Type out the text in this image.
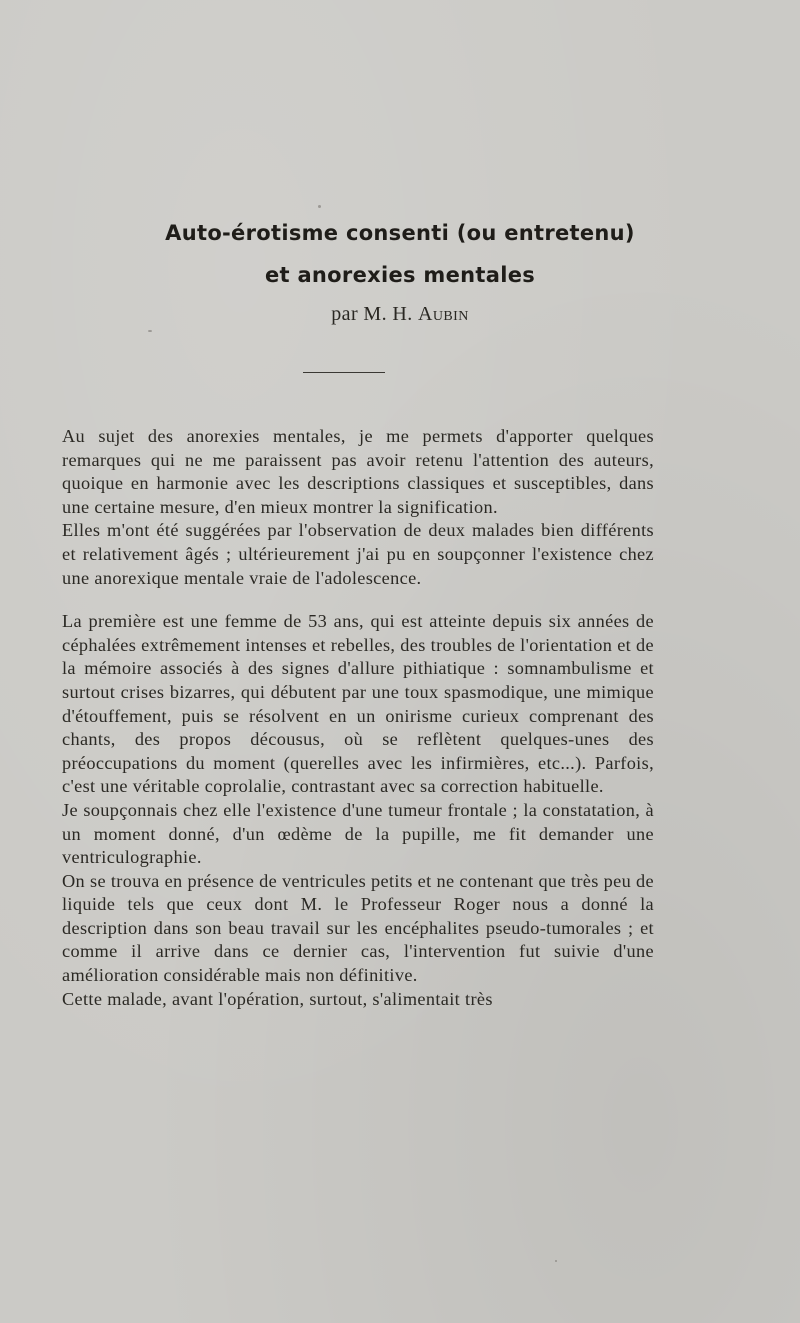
Auto-érotisme consenti (ou entretenu)

et anorexies mentales

par M. H. Aubin

Au sujet des anorexies mentales, je me permets d'apporter quelques remarques qui ne me paraissent pas avoir retenu l'attention des auteurs, quoique en harmonie avec les descriptions classiques et susceptibles, dans une certaine mesure, d'en mieux montrer la signification.

Elles m'ont été suggérées par l'observation de deux malades bien différents et relativement âgés ; ultérieurement j'ai pu en soupçonner l'existence chez une anorexique mentale vraie de l'adolescence.

La première est une femme de 53 ans, qui est atteinte depuis six années de céphalées extrêmement intenses et rebelles, des troubles de l'orientation et de la mémoire associés à des signes d'allure pithiatique : somnambulisme et surtout crises bizarres, qui débutent par une toux spasmodique, une mimique d'étouffement, puis se résolvent en un onirisme curieux comprenant des chants, des propos décousus, où se reflètent quelques-unes des préoccupations du moment (querelles avec les infirmières, etc...). Parfois, c'est une véritable coprolalie, contrastant avec sa correction habituelle.

Je soupçonnais chez elle l'existence d'une tumeur frontale ; la constatation, à un moment donné, d'un œdème de la pupille, me fit demander une ventriculographie.

On se trouva en présence de ventricules petits et ne contenant que très peu de liquide tels que ceux dont M. le Professeur Roger nous a donné la description dans son beau travail sur les encéphalites pseudo-tumorales ; et comme il arrive dans ce dernier cas, l'intervention fut suivie d'une amélioration considérable mais non définitive.

Cette malade, avant l'opération, surtout, s'alimentait très
